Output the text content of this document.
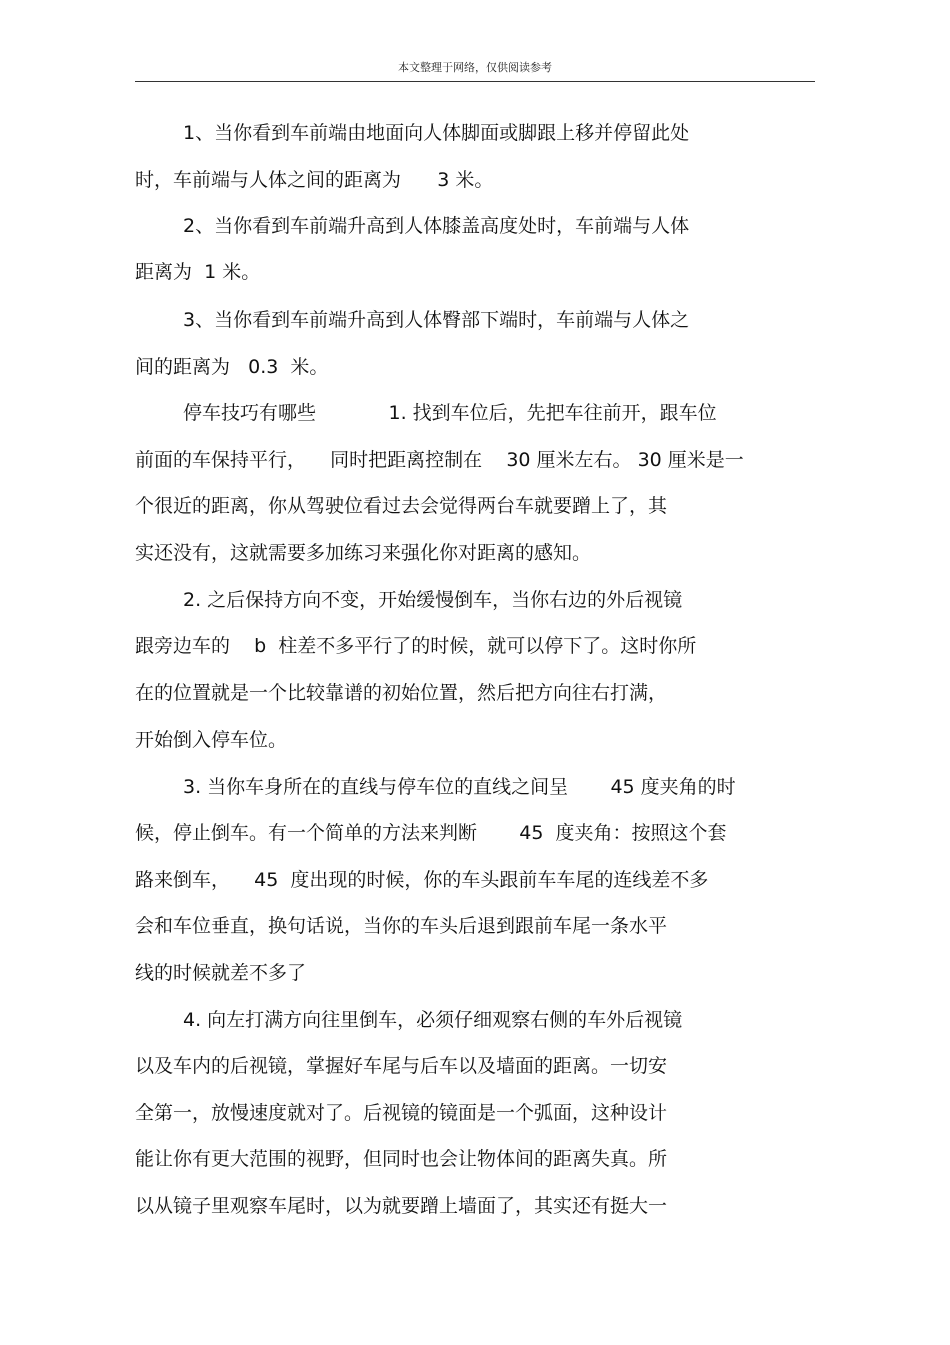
本文整理于网络，仅供阅读参考
1、当你看到车前端由地面向人体脚面或脚跟上移并停留此处
时，车前端与人体之间的距离为      3 米。
2、当你看到车前端升高到人体膝盖高度处时，车前端与人体
距离为  1 米。
3、当你看到车前端升高到人体臀部下端时，车前端与人体之
间的距离为   0.3  米。
停车技巧有哪些            1. 找到车位后，先把车往前开，跟车位
前面的车保持平行，    同时把距离控制在    30 厘米左右。 30 厘米是一
个很近的距离，你从驾驶位看过去会觉得两台车就要蹭上了，其
实还没有，这就需要多加练习来强化你对距离的感知。
2. 之后保持方向不变，开始缓慢倒车，当你右边的外后视镜
跟旁边车的    b  柱差不多平行了的时候，就可以停下了。这时你所
在的位置就是一个比较靠谱的初始位置，然后把方向往右打满，
开始倒入停车位。
3. 当你车身所在的直线与停车位的直线之间呈       45 度夹角的时
候，停止倒车。有一个简单的方法来判断       45  度夹角：按照这个套
路来倒车，    45  度出现的时候，你的车头跟前车车尾的连线差不多
会和车位垂直，换句话说，当你的车头后退到跟前车尾一条水平
线的时候就差不多了
4. 向左打满方向往里倒车，必须仔细观察右侧的车外后视镜
以及车内的后视镜，掌握好车尾与后车以及墙面的距离。一切安
全第一，放慢速度就对了。后视镜的镜面是一个弧面，这种设计
能让你有更大范围的视野，但同时也会让物体间的距离失真。所
以从镜子里观察车尾时，以为就要蹭上墙面了，其实还有挺大一
